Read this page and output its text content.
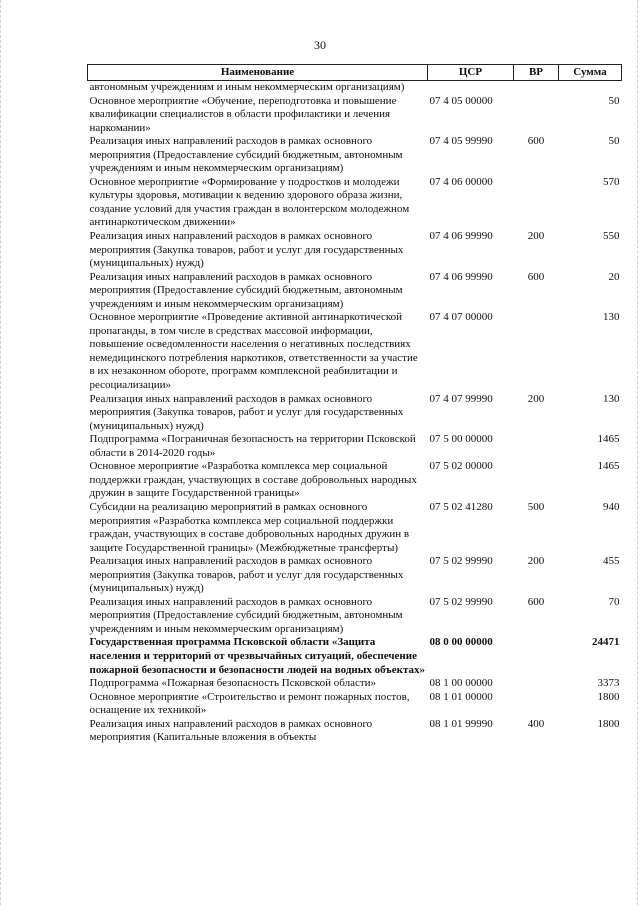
30
Наименование	ЦСР	ВР	Сумма
автономным учреждениям и иным некоммерческим организациям)			
Основное мероприятие «Обучение, переподготовка и повышение квалификации специалистов в области профилактики и лечения наркомании»	07 4 05 00000		50
Реализация иных направлений расходов в рамках основного мероприятия (Предоставление субсидий бюджетным, автономным учреждениям и иным некоммерческим организациям)	07 4 05 99990	600	50
Основное мероприятие «Формирование у подростков и молодежи культуры здоровья, мотивации к ведению здорового образа жизни, создание условий для участия граждан в волонтерском молодежном антинаркотическом движении»	07 4 06 00000		570
Реализация иных направлений расходов в рамках основного мероприятия (Закупка товаров, работ и услуг для государственных (муниципальных) нужд)	07 4 06 99990	200	550
Реализация иных направлений расходов в рамках основного мероприятия (Предоставление субсидий бюджетным, автономным учреждениям и иным некоммерческим организациям)	07 4 06 99990	600	20
Основное мероприятие «Проведение активной антинаркотической пропаганды, в том числе в средствах массовой информации, повышение осведомленности населения о негативных последствиях немедицинского потребления наркотиков, ответственности за участие в их незаконном обороте, программ комплексной реабилитации и ресоциализации»	07 4 07 00000		130
Реализация иных направлений расходов в рамках основного мероприятия (Закупка товаров, работ и услуг для государственных (муниципальных) нужд)	07 4 07 99990	200	130
Подпрограмма «Пограничная безопасность на территории Псковской области в 2014-2020 годы»	07 5 00 00000		1465
Основное мероприятие «Разработка комплекса мер социальной поддержки граждан, участвующих в составе добровольных народных дружин в защите Государственной границы»	07 5 02 00000		1465
Субсидии на реализацию мероприятий в рамках основного мероприятия «Разработка комплекса мер социальной поддержки граждан, участвующих в составе добровольных народных дружин в защите Государственной границы» (Межбюджетные трансферты)	07 5 02 41280	500	940
Реализация иных направлений расходов в рамках основного мероприятия (Закупка товаров, работ и услуг для государственных (муниципальных) нужд)	07 5 02 99990	200	455
Реализация иных направлений расходов в рамках основного мероприятия (Предоставление субсидий бюджетным, автономным учреждениям и иным некоммерческим организациям)	07 5 02 99990	600	70
Государственная программа Псковской области «Защита населения и территорий от чрезвычайных ситуаций, обеспечение пожарной безопасности и безопасности людей на водных объектах»	08 0 00 00000		24471
Подпрограмма «Пожарная безопасность Псковской области»	08 1 00 00000		3373
Основное мероприятие «Строительство и ремонт пожарных постов, оснащение их техникой»	08 1 01 00000		1800
Реализация иных направлений расходов в рамках основного мероприятия (Капитальные вложения в объекты	08 1 01 99990	400	1800
